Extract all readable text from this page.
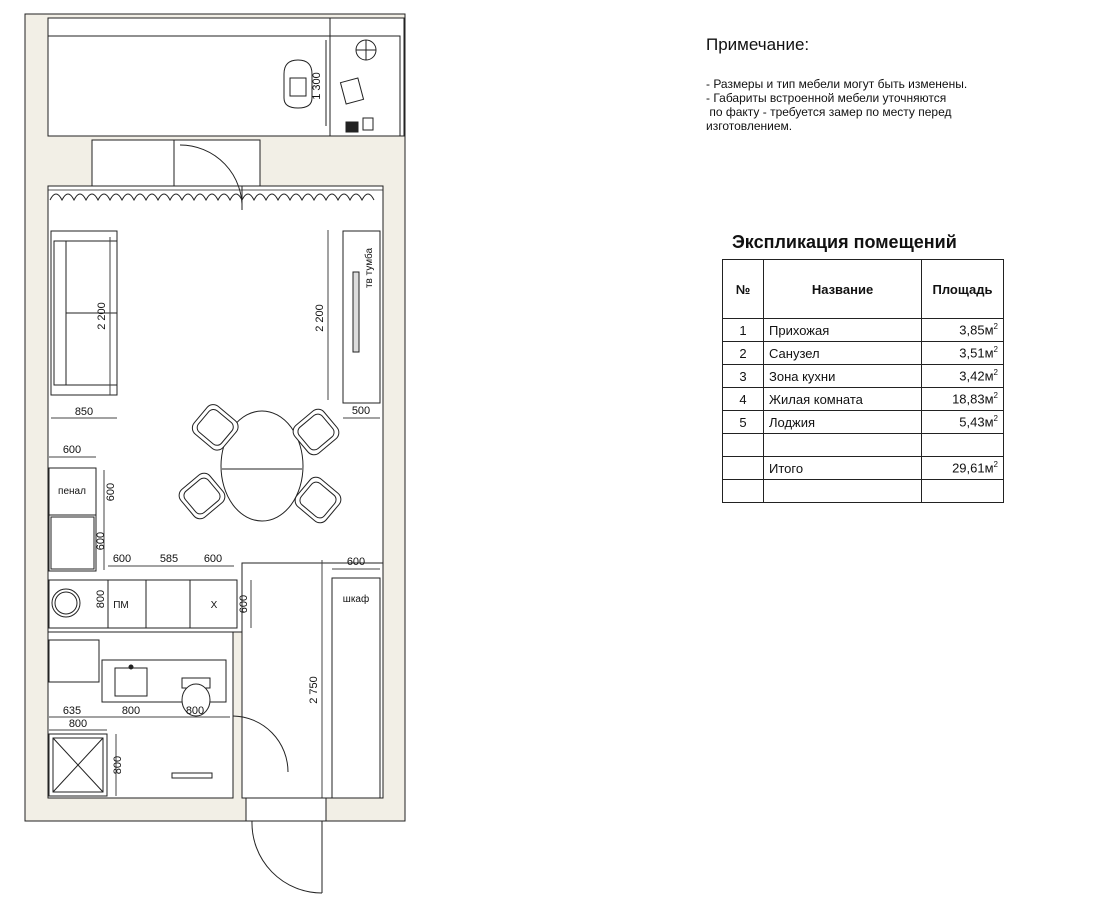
1 300
2 200
850
тв тумба
2 200
500
пенал
600
600
600
ПМ	Х
600	585 600
600
800	шкаф
600
2 750
635	800	800
800
800
Примечание:
- Размеры и тип мебели могут быть изменены.
- Габариты встроенной мебели уточняются
по факту - требуется замер по месту перед
изготовлением.
Экспликация помещений
№	Название	Площадь
1	Прихожая	$3,85м^2$
2	Санузел	$3,51м^2$
3	Зона кухни	$3,42м^2$
4	Жилая комната	$18,83м^2$
5	Лоджия	$5,43м^2$

	Итого	$29,61м^2$
